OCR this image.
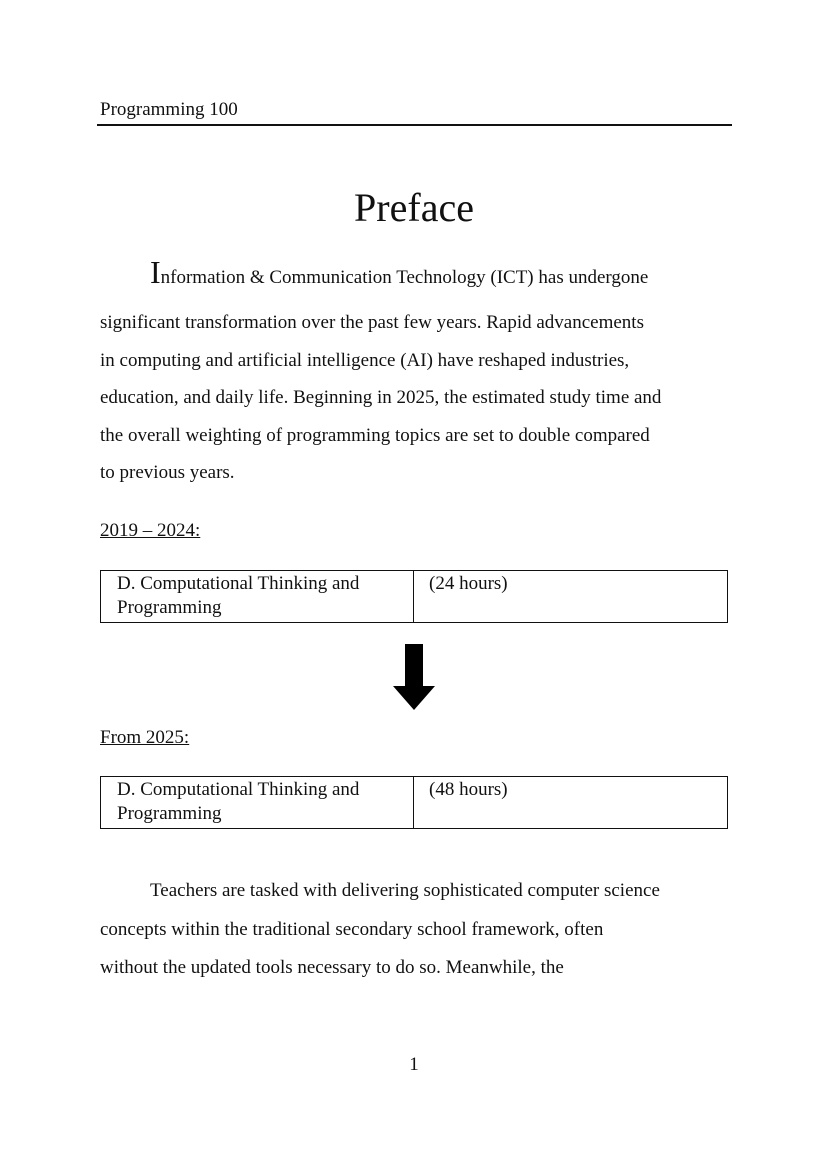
Programming 100
Preface
Information & Communication Technology (ICT) has undergone
significant transformation over the past few years. Rapid advancements
in computing and artificial intelligence (AI) have reshaped industries,
education, and daily life. Beginning in 2025, the estimated study time and
the overall weighting of programming topics are set to double compared
to previous years.
2019 – 2024:
D. Computational Thinking and
Programming
(24 hours)
From 2025:
D. Computational Thinking and
Programming
(48 hours)
Teachers are tasked with delivering sophisticated computer science
concepts within the traditional secondary school framework, often
without the updated tools necessary to do so. Meanwhile, the
1
